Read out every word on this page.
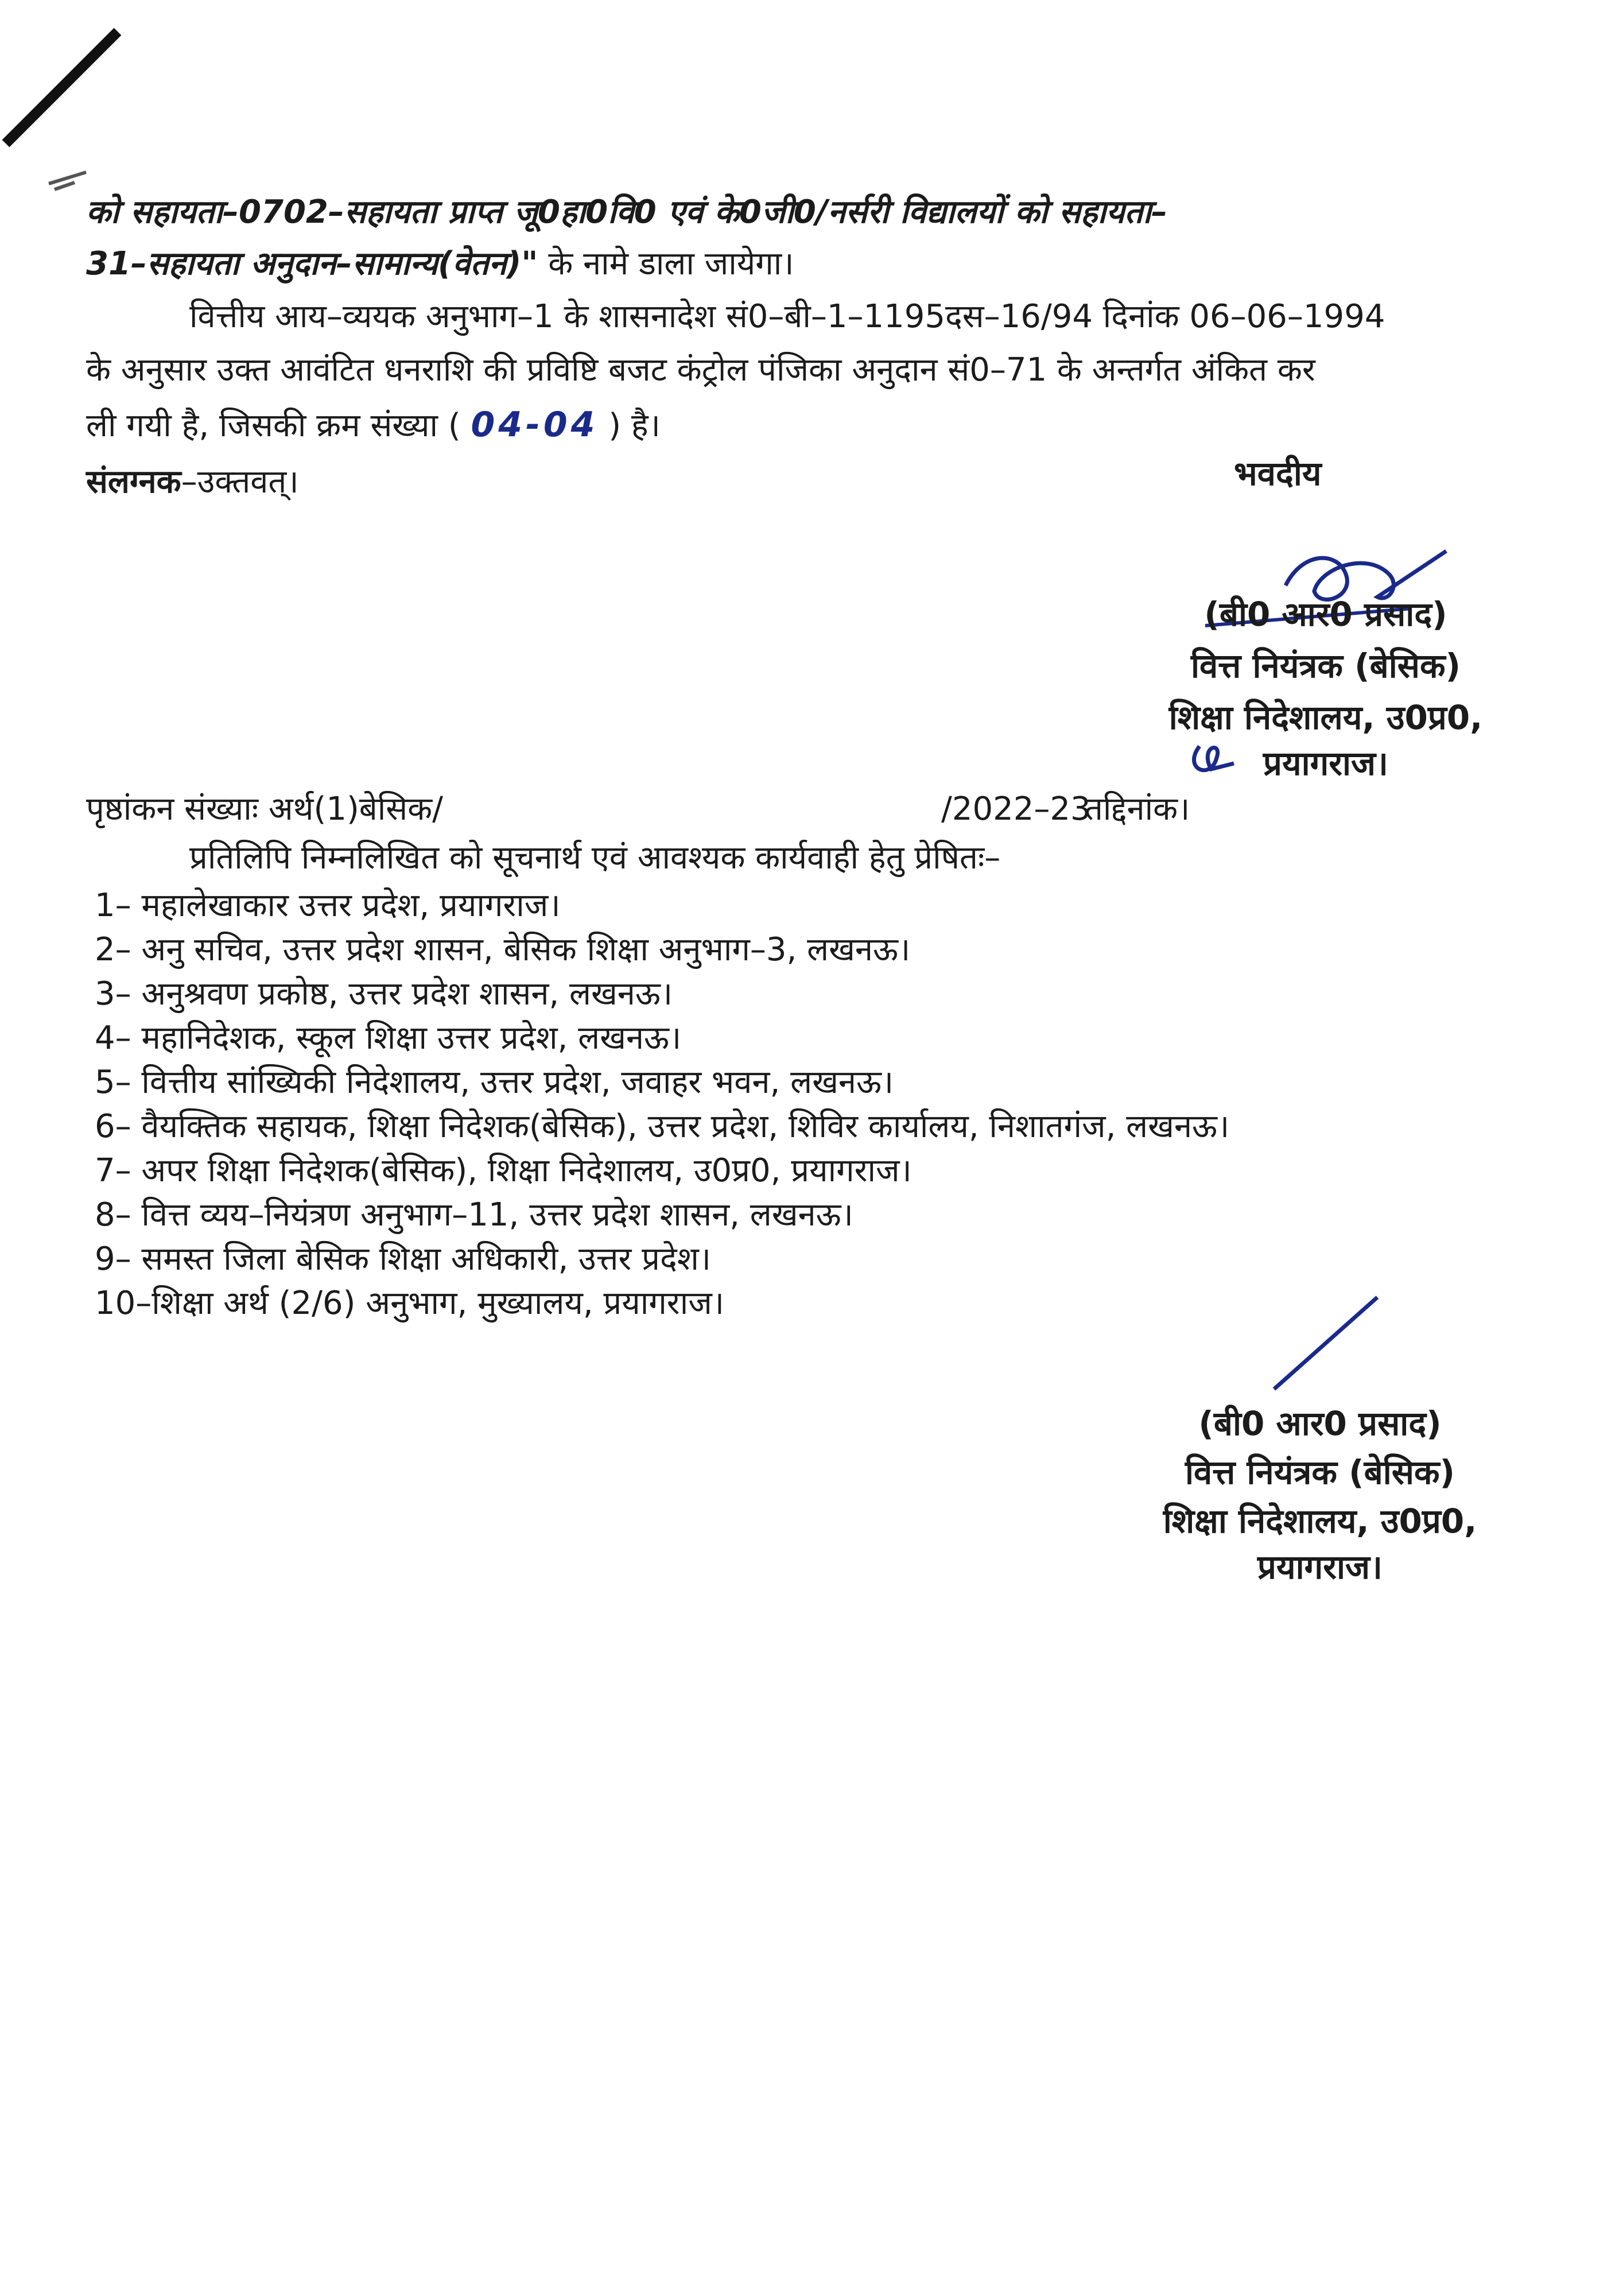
को सहायता–0702–सहायता प्राप्त जू0हा0वि0 एवं के0जी0/नर्सरी विद्यालयों को सहायता–
31–सहायता अनुदान–सामान्य(वेतन)" के नामे डाला जायेगा।
वित्तीय आय–व्ययक अनुभाग–1 के शासनादेश सं0–बी–1–1195दस–16/94 दिनांक 06–06–1994
के अनुसार उक्त आवंटित धनराशि की प्रविष्टि बजट कंट्रोल पंजिका अनुदान सं0–71 के अन्तर्गत अंकित कर
ली गयी है, जिसकी क्रम संख्या ( 04-04 ) है।
संलग्नक–उक्तवत्।	भवदीय
(बी0 आर0 प्रसाद)
वित्त नियंत्रक (बेसिक)
शिक्षा निदेशालय, उ0प्र0,
प्रयागराज।
पृष्ठांकन संख्याः अर्थ(1)बेसिक/	/2022–23
तद्दिनांक।
प्रतिलिपि निम्नलिखित को सूचनार्थ एवं आवश्यक कार्यवाही हेतु प्रेषितः–
1– महालेखाकार उत्तर प्रदेश, प्रयागराज।
2– अनु सचिव, उत्तर प्रदेश शासन, बेसिक शिक्षा अनुभाग–3, लखनऊ।
3– अनुश्रवण प्रकोष्ठ, उत्तर प्रदेश शासन, लखनऊ।
4– महानिदेशक, स्कूल शिक्षा उत्तर प्रदेश, लखनऊ।
5– वित्तीय सांख्यिकी निदेशालय, उत्तर प्रदेश, जवाहर भवन, लखनऊ।
6– वैयक्तिक सहायक, शिक्षा निदेशक(बेसिक), उत्तर प्रदेश, शिविर कार्यालय, निशातगंज, लखनऊ।
7– अपर शिक्षा निदेशक(बेसिक), शिक्षा निदेशालय, उ0प्र0, प्रयागराज।
8– वित्त व्यय–नियंत्रण अनुभाग–11, उत्तर प्रदेश शासन, लखनऊ।
9– समस्त जिला बेसिक शिक्षा अधिकारी, उत्तर प्रदेश।
10–शिक्षा अर्थ (2/6) अनुभाग, मुख्यालय, प्रयागराज।
(बी0 आर0 प्रसाद)
वित्त नियंत्रक (बेसिक)
शिक्षा निदेशालय, उ0प्र0,
प्रयागराज।
